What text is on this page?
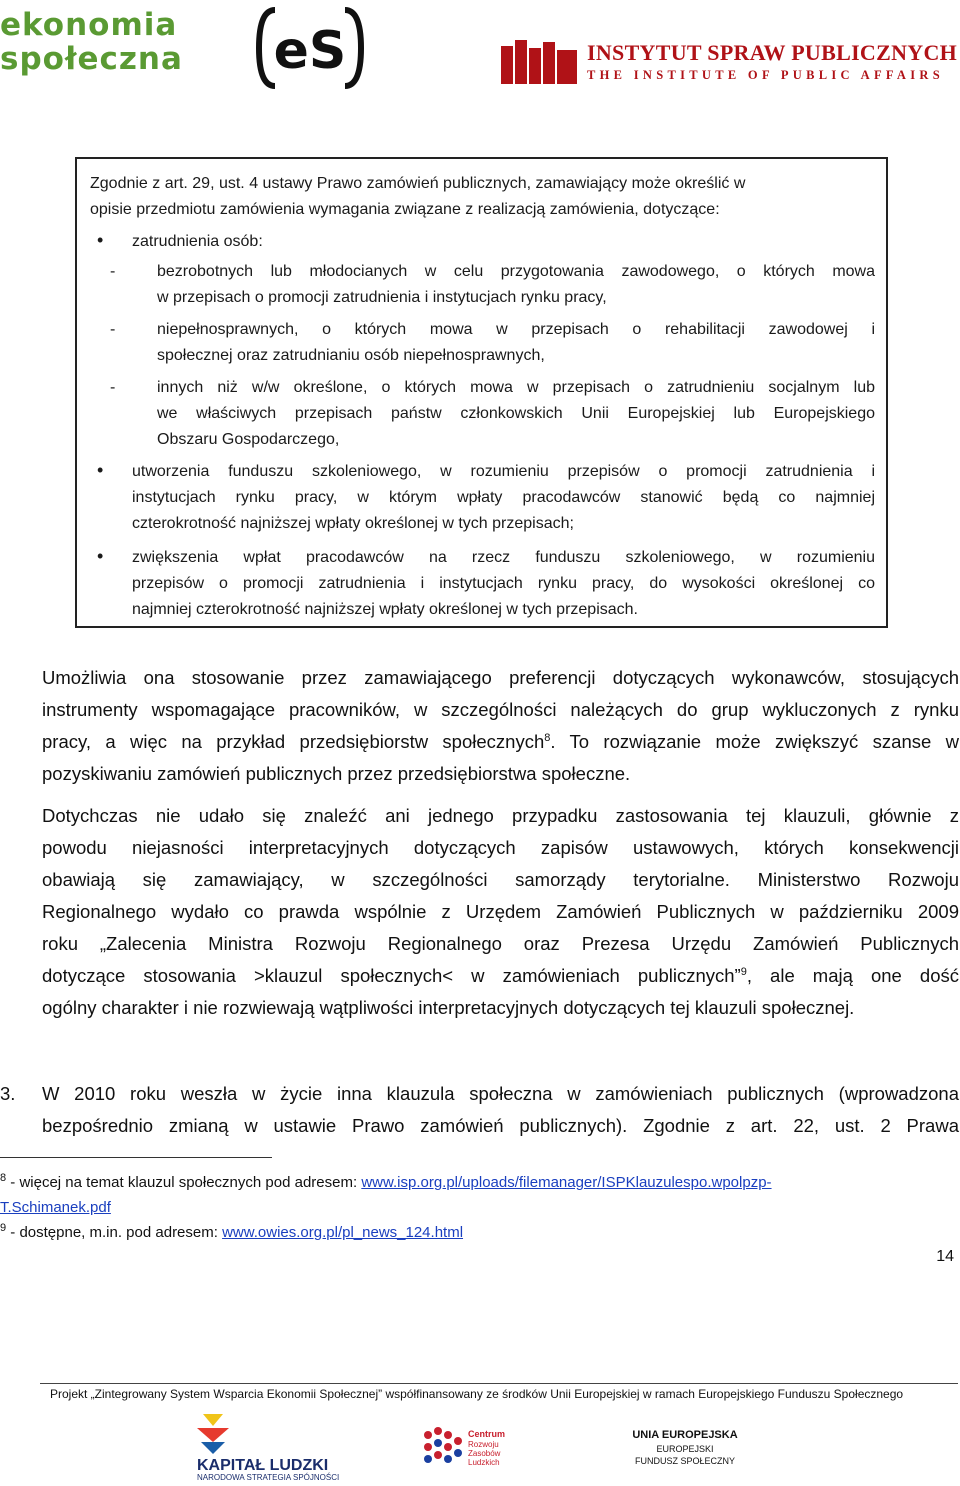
ekonomia
społeczna eS	INSTYTUT SPRAW PUBLICZNYCH
THE INSTITUTE OF PUBLIC AFFAIRS
Zgodnie z art. 29, ust. 4 ustawy Prawo zamówień publicznych, zamawiający może określić w
opisie przedmiotu zamówienia wymagania związane z realizacją zamówienia, dotyczące:
• zatrudnienia osób:
-	bezrobotnych lub młodocianych w celu przygotowania zawodowego, o których mowa
w przepisach o promocji zatrudnienia i instytucjach rynku pracy,
-	niepełnosprawnych, o których mowa w przepisach o rehabilitacji zawodowej i
społecznej oraz zatrudnianiu osób niepełnosprawnych,
-	innych niż w/w określone, o których mowa w przepisach o zatrudnieniu socjalnym lub
we właściwych przepisach państw członkowskich Unii Europejskiej lub Europejskiego
Obszaru Gospodarczego,
• utworzenia funduszu szkoleniowego, w rozumieniu przepisów o promocji zatrudnienia i
instytucjach rynku pracy, w którym wpłaty pracodawców stanowić będą co najmniej
czterokrotność najniższej wpłaty określonej w tych przepisach;
• zwiększenia wpłat pracodawców na rzecz funduszu szkoleniowego, w rozumieniu
przepisów o promocji zatrudnienia i instytucjach rynku pracy, do wysokości określonej co
najmniej czterokrotność najniższej wpłaty określonej w tych przepisach.
Umożliwia ona stosowanie przez zamawiającego preferencji dotyczących wykonawców, stosujących
instrumenty wspomagające pracowników, w szczególności należących do grup wykluczonych z rynku
pracy, a więc na przykład przedsiębiorstw społecznych$^8$. To rozwiązanie może zwiększyć szanse w
pozyskiwaniu zamówień publicznych przez przedsiębiorstwa społeczne.
Dotychczas nie udało się znaleźć ani jednego przypadku zastosowania tej klauzuli, głównie z
powodu niejasności interpretacyjnych dotyczących zapisów ustawowych, których konsekwencji
obawiają się zamawiający, w szczególności samorządy terytorialne. Ministerstwo Rozwoju
Regionalnego wydało co prawda wspólnie z Urzędem Zamówień Publicznych w październiku 2009
roku „Zalecenia Ministra Rozwoju Regionalnego oraz Prezesa Urzędu Zamówień Publicznych
dotyczące stosowania >klauzul społecznych< w zamówieniach publicznych”$^9$, ale mają one dość
ogólny charakter i nie rozwiewają wątpliwości interpretacyjnych dotyczących tej klauzuli społecznej.
3. W 2010 roku weszła w życie inna klauzula społeczna w zamówieniach publicznych (wprowadzona
bezpośrednio zmianą w ustawie Prawo zamówień publicznych). Zgodnie z art. 22, ust. 2 Prawa
$^8$ - więcej na temat klauzul społecznych pod adresem: www.isp.org.pl/uploads/filemanager/ISPKlauzulespo.wpolpzp-
T.Schimanek.pdf
$^9$ - dostępne, m.in. pod adresem: www.owies.org.pl/pl_news_124.html
14
Projekt „Zintegrowany System Wsparcia Ekonomii Społecznej” współfinansowany ze środków Unii Europejskiej w ramach Europejskiego Funduszu Społecznego
KAPITAŁ LUDZKI
NARODOWA STRATEGIA SPÓJNOŚCI
Centrum
Rozwoju
Zasobów
Ludzkich
UNIA EUROPEJSKA
EUROPEJSKI
FUNDUSZ SPOŁECZNY
